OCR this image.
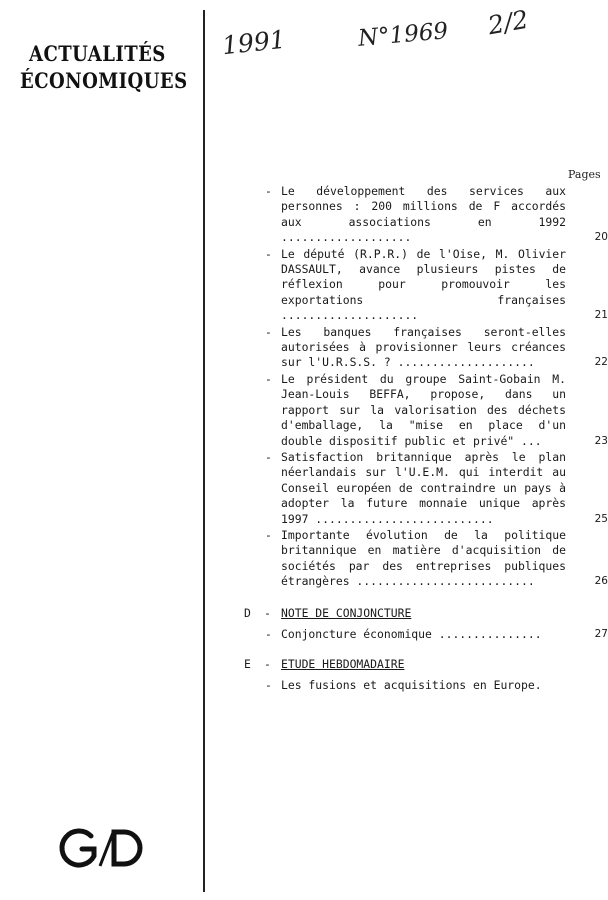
ACTUALITÉS
ÉCONOMIQUES
1991	N°1969 2/2
Pages
- Le développement des services aux personnes : 200 millions de F accordés aux associations en 1992 ...................	20
- Le député (R.P.R.) de l'Oise, M. Olivier DASSAULT, avance plusieurs pistes de réflexion pour promouvoir les exportations françaises ....................	21
- Les banques françaises seront-elles autorisées à provisionner leurs créances sur l'U.R.S.S. ? ....................	22
- Le président du groupe Saint-Gobain M. Jean-Louis BEFFA, propose, dans un rapport sur la valorisation des déchets d'emballage, la "mise en place d'un double dispositif public et privé" ...	23
- Satisfaction britannique après le plan néerlandais sur l'U.E.M. qui interdit au Conseil européen de contraindre un pays à adopter la future monnaie unique après 1997 ..........................	25
- Importante évolution de la politique britannique en matière d'acquisition de sociétés par des entreprises publiques étrangères ..........................	26
D - NOTE DE CONJONCTURE
- Conjoncture économique ...............	27
E - ETUDE HEBDOMADAIRE
- Les fusions et acquisitions en Europe.
